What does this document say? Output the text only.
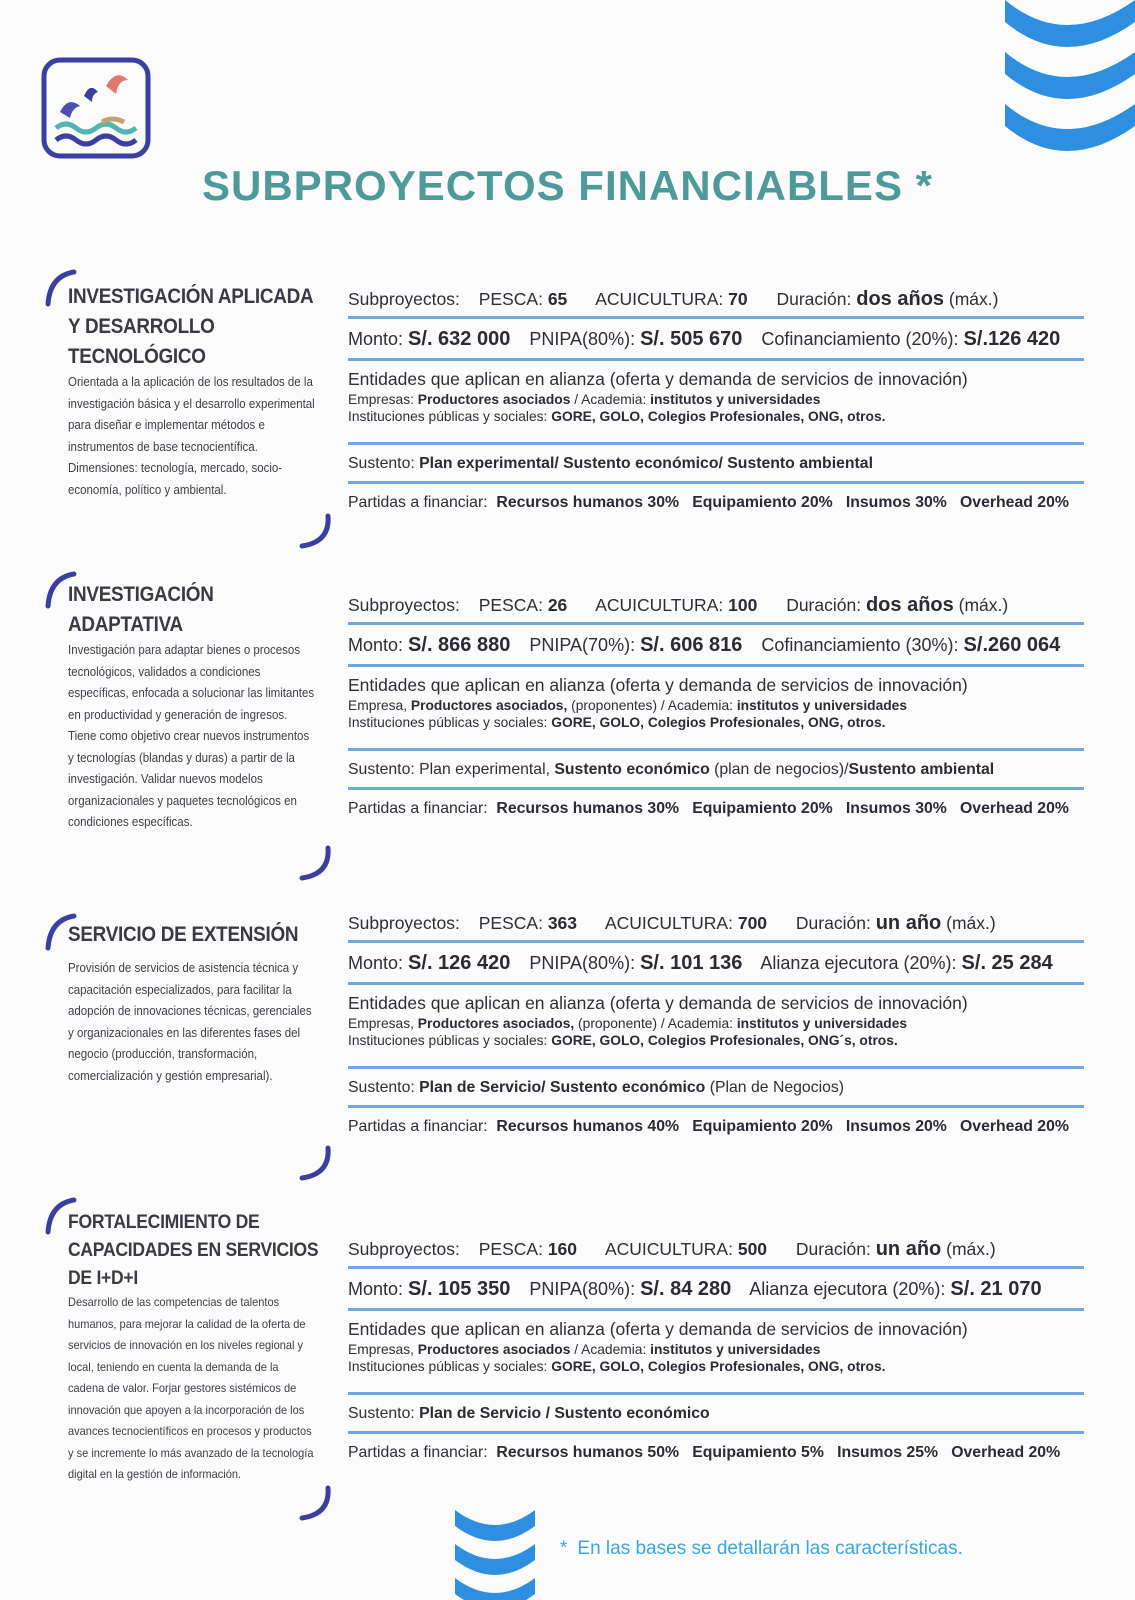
SUBPROYECTOS FINANCIABLES *
INVESTIGACIÓN APLICADA
Y DESARROLLO
TECNOLÓGICO
Orientada a la aplicación de los resultados de la investigación básica y el desarrollo experimental para diseñar e implementar métodos e instrumentos de base tecnocientífica. Dimensiones: tecnología, mercado, socio-economía, político y ambiental.
Subproyectos: PESCA: 65 ACUICULTURA: 70 Duración: dos años (máx.)
Monto: S/. 632 000 PNIPA(80%): S/. 505 670 Cofinanciamiento (20%): S/.126 420
Entidades que aplican en alianza (oferta y demanda de servicios de innovación)
Empresas: Productores asociados / Academia: institutos y universidades
Instituciones públicas y sociales: GORE, GOLO, Colegios Profesionales, ONG, otros.
Sustento: Plan experimental/ Sustento económico/ Sustento ambiental
Partidas a financiar: Recursos humanos 30% Equipamiento 20% Insumos 30% Overhead 20%
INVESTIGACIÓN
ADAPTATIVA
Investigación para adaptar bienes o procesos tecnológicos, validados a condiciones específicas, enfocada a solucionar las limitantes en productividad y generación de ingresos. Tiene como objetivo crear nuevos instrumentos y tecnologías (blandas y duras) a partir de la investigación. Validar nuevos modelos organizacionales y paquetes tecnológicos en condiciones específicas.
Subproyectos: PESCA: 26 ACUICULTURA: 100 Duración: dos años (máx.)
Monto: S/. 866 880 PNIPA(70%): S/. 606 816 Cofinanciamiento (30%): S/.260 064
Entidades que aplican en alianza (oferta y demanda de servicios de innovación)
Empresa, Productores asociados, (proponentes) / Academia: institutos y universidades
Instituciones públicas y sociales: GORE, GOLO, Colegios Profesionales, ONG, otros.
Sustento: Plan experimental, Sustento económico (plan de negocios)/Sustento ambiental
Partidas a financiar: Recursos humanos 30% Equipamiento 20% Insumos 30% Overhead 20%
SERVICIO DE EXTENSIÓN
Provisión de servicios de asistencia técnica y capacitación especializados, para facilitar la adopción de innovaciones técnicas, gerenciales y organizacionales en las diferentes fases del negocio (producción, transformación, comercialización y gestión empresarial).
Subproyectos: PESCA: 363 ACUICULTURA: 700 Duración: un año (máx.)
Monto: S/. 126 420 PNIPA(80%): S/. 101 136 Alianza ejecutora (20%): S/. 25 284
Entidades que aplican en alianza (oferta y demanda de servicios de innovación)
Empresas, Productores asociados, (proponente) / Academia: institutos y universidades
Instituciones públicas y sociales: GORE, GOLO, Colegios Profesionales, ONG´s, otros.
Sustento: Plan de Servicio/ Sustento económico (Plan de Negocios)
Partidas a financiar: Recursos humanos 40% Equipamiento 20% Insumos 20% Overhead 20%
FORTALECIMIENTO DE
CAPACIDADES EN SERVICIOS
DE I+D+I
Desarrollo de las competencias de talentos humanos, para mejorar la calidad de la oferta de servicios de innovación en los niveles regional y local, teniendo en cuenta la demanda de la cadena de valor. Forjar gestores sistémicos de innovación que apoyen a la incorporación de los avances tecnocientíficos en procesos y productos y se incremente lo más avanzado de la tecnología digital en la gestión de información.
Subproyectos: PESCA: 160 ACUICULTURA: 500 Duración: un año (máx.)
Monto: S/. 105 350 PNIPA(80%): S/. 84 280 Alianza ejecutora (20%): S/. 21 070
Entidades que aplican en alianza (oferta y demanda de servicios de innovación)
Empresas, Productores asociados / Academia: institutos y universidades
Instituciones públicas y sociales: GORE, GOLO, Colegios Profesionales, ONG, otros.
Sustento: Plan de Servicio / Sustento económico
Partidas a financiar: Recursos humanos 50% Equipamiento 5% Insumos 25% Overhead 20%
* En las bases se detallarán las características.
